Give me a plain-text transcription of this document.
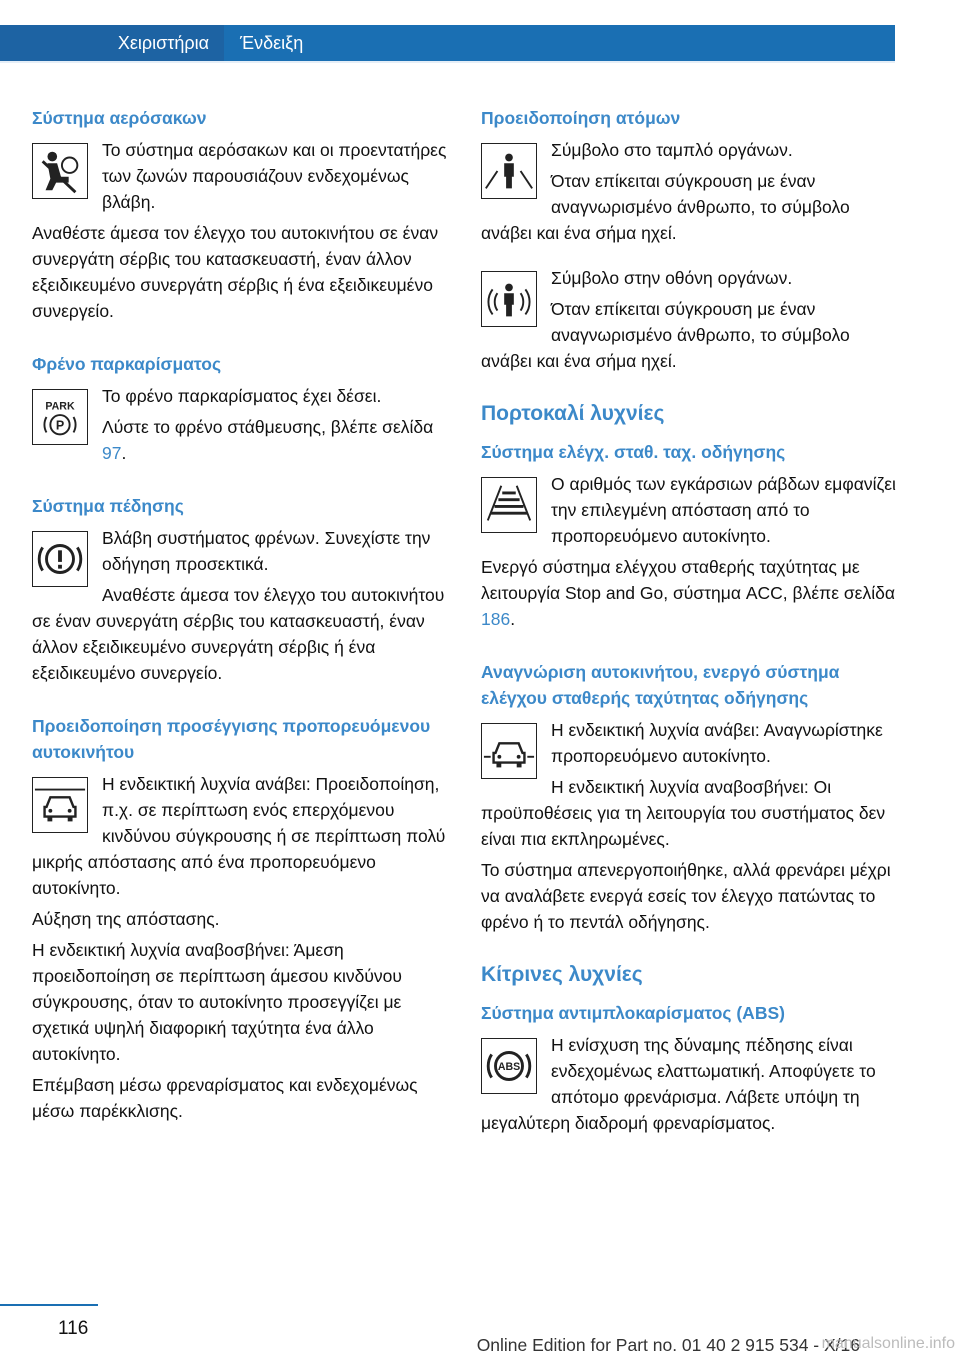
Χειριστήρια	Ένδειξη
Σύστημα αερόσακων
Το σύστημα αερόσακων και οι προεντατήρες των ζωνών παρουσιάζουν ενδεχομένως βλάβη.
Αναθέστε άμεσα τον έλεγχο του αυτοκινήτου σε έναν συνεργάτη σέρβις του κατασκευαστή, έναν άλλον εξειδικευμένο συνεργάτη σέρβις ή ένα εξειδικευμένο συνεργείο.
Φρένο παρκαρίσματος
PARK
P
Το φρένο παρκαρίσματος έχει δέσει.
Λύστε το φρένο στάθμευσης, βλέπε σελίδα 97.
Σύστημα πέδησης
Βλάβη συστήματος φρένων. Συνεχίστε την οδήγηση προσεκτικά.
Αναθέστε άμεσα τον έλεγχο του αυτοκινήτου σε έναν συνεργάτη σέρβις του κατασκευαστή, έναν άλλον εξειδικευμένο συνεργάτη σέρβις ή ένα εξειδικευμένο συνεργείο.
Προειδοποίηση προσέγγισης προπορευόμενου αυτοκινήτου
Η ενδεικτική λυχνία ανάβει: Προειδοποίηση, π.χ. σε περίπτωση ενός επερχόμενου κινδύνου σύγκρουσης ή σε περίπτωση πολύ μικρής απόστασης από ένα προπορευόμενο αυτοκίνητο.
Αύξηση της απόστασης.
Η ενδεικτική λυχνία αναβοσβήνει: Άμεση προειδοποίηση σε περίπτωση άμεσου κινδύνου σύγκρουσης, όταν το αυτοκίνητο προσεγγίζει με σχετικά υψηλή διαφορική ταχύτητα ένα άλλο αυτοκίνητο.
Επέμβαση μέσω φρεναρίσματος και ενδεχομένως μέσω παρέκκλισης.
Προειδοποίηση ατόμων
Σύμβολο στο ταμπλό οργάνων.
Όταν επίκειται σύγκρουση με έναν αναγνωρισμένο άνθρωπο, το σύμβολο ανάβει και ένα σήμα ηχεί.
Σύμβολο στην οθόνη οργάνων.
Όταν επίκειται σύγκρουση με έναν αναγνωρισμένο άνθρωπο, το σύμβολο ανάβει και ένα σήμα ηχεί.
Πορτοκαλί λυχνίες
Σύστημα ελέγχ. σταθ. ταχ. οδήγησης
Ο αριθμός των εγκάρσιων ράβδων εμφανίζει την επιλεγμένη απόσταση από το προπορευόμενο αυτοκίνητο.
Ενεργό σύστημα ελέγχου σταθερής ταχύτητας με λειτουργία Stop and Go, σύστημα ACC, βλέπε σελίδα 186.
Αναγνώριση αυτοκινήτου, ενεργό σύστημα ελέγχου σταθερής ταχύτητας οδήγησης
Η ενδεικτική λυχνία ανάβει: Αναγνωρίστηκε προπορευόμενο αυτοκίνητο.
Η ενδεικτική λυχνία αναβοσβήνει: Οι προϋποθέσεις για τη λειτουργία του συστήματος δεν είναι πια εκπληρωμένες.
Το σύστημα απενεργοποιήθηκε, αλλά φρενάρει μέχρι να αναλάβετε ενεργά εσείς τον έλεγχο πατώντας το φρένο ή το πεντάλ οδήγησης.
Κίτρινες λυχνίες
Σύστημα αντιμπλοκαρίσματος (ABS)
ABS
Η ενίσχυση της δύναμης πέδησης είναι ενδεχομένως ελαττωματική. Αποφύγετε το απότομο φρενάρισμα. Λάβετε υπόψη τη μεγαλύτερη διαδρομή φρεναρίσματος.
116
Online Edition for Part no. 01 40 2 915 534 - X/16
manualsonline.info
